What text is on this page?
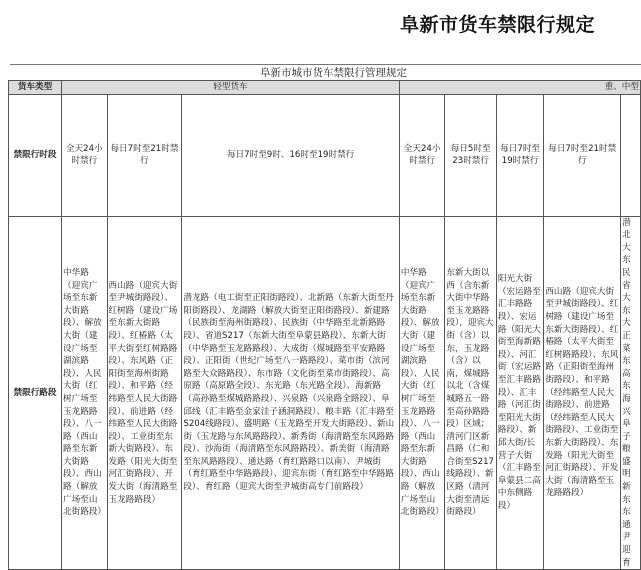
阜新市货车禁限行规定
阜新市城市货车禁限行管理规定
货车类型	轻型货车			重、中型				
禁限行时段	全天24小时禁行	每日7时至21时禁行	每日7时至9时、16时至19时禁行	全天24小时禁行	每日5时至23时禁行	每日7时至19时禁行	每日7时至21时禁行	
禁限行路段	中华路（迎宾广场至东新大街路段）、解放大街（建设广场至湖滨路段）、人民大街（红树广场至玉龙路路段）、八一路（西山路至东新大街路段）、西山路（解放广场至山北街路段）	西山路（迎宾大街至尹城街路段）、红树路（建设广场至东新大街路段）、红椿路（太平大街至红树路路段）、东风路（正阳街至海州街路段）、和平路（经纬路至人民大街路段）、前进路（经纬路至人民大街路段）、工业街至东新大街路段）、东发路（阳光大街至河汇街路段）、开发大街（海清路至玉龙路路段）	潜龙路（电工街至正阳街路段）、北新路（东新大街至丹阳街路段）、龙湖路（解放大街至正阳街路段）、新建路（民族街至海州街路段）、民族街（中华路至北新路路段）、省道S217（东新大街至阜蒙县路段）、东新大街（中华路至玉龙路路段）、大成街（煤城路至平安路路段）、正阳街（世纪广场至八一路路段）、菜市街（滨河路至大众路路段）、东市路（文化街至菜市街路段）、高原路（高原路全段）、东光路（东光路全段）、海新路（高孙路至煤城路路段）、兴泉路（兴泉路全路段）、阜邱线（汇丰路至金家洼子涵洞路段）、粮丰路（汇丰路至S204线路段）、盛明路（玉龙路至开发大街路段）、新山街（玉龙路与东风路路段）、新秀街（海清路至东风路路段）、沙海街（海清路至东风路路段）、新美街（海清路至东风路路段）、通达路（育红路路口以南）、尹城街（育红路至中华路路段）、迎宾东街（育红路至中华路路段）、育红路（迎宾大街至尹城街高专门前路段）	中华路（迎宾广场至东新大街路段）、解放大街（建设广场至湖滨路段）、人民大街（红树广场至玉龙路路段）、八一路（西山路至东新大街路段）、西山路（解放广场至山北街路段）	东新大街以西（含东新大街中华路至玉龙路路段），迎宾大街（含）以东，玉龙路（含）以南，煤城路以北（含煤城路五一路至高孙路路段）区域；清河门区新昌路（仁和合街至S217线路段）、新区路（清河大街至清远街路段）	阳光大街（宏运路至汇丰路路段）、宏运路（阳光大街至海新路段）、河汇街（宏运路至汇丰路路段）、汇丰路（河汇街至阳光大街路段）、新邱大街/长营子大街（汇丰路至阜蒙县二高中东侧路段）	西山路（迎宾大街至尹城街路段）、红树路（建设广场至东新大街路段）、红椿路（太平大街至红树路路段）、东风路（正阳街至海州街路段）、和平路（经纬路至人民大街路段）、前进路（经纬路至人民大街路段）、工业街至东新大街路段）、东发路（阳光大街至河汇街路段）、开发大街（海清路至玉龙路路段）	潜北大东民省大东大正菜东高东海兴阜子粮盛明新东东通尹迎育
